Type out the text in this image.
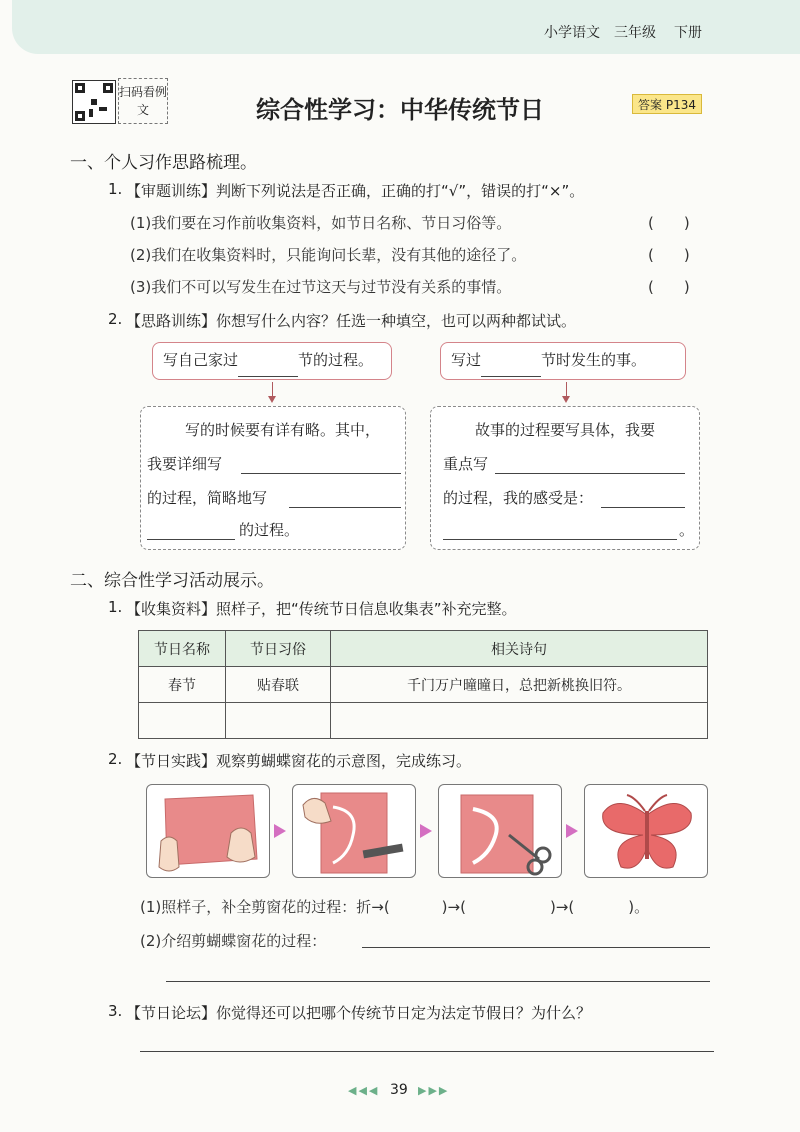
小学语文 三年级 下册
扫码看例文	综合性学习：中华传统节日	答案 P134
一、个人习作思路梳理。
1. 【审题训练】判断下列说法是否正确，正确的打“√”，错误的打“×”。
(1)我们要在习作前收集资料，如节日名称、节日习俗等。	(　　)
(2)我们在收集资料时，只能询问长辈，没有其他的途径了。	(　　)
(3)我们不可以写发生在过节这天与过节没有关系的事情。	(　　)
2. 【思路训练】你想写什么内容？任选一种填空，也可以两种都试试。
写自己家过	节的过程。	写过	节时发生的事。
写的时候要有详有略。其中，
我要详细写
的过程，简略地写
的过程。
故事的过程要写具体，我要
重点写
的过程，我的感受是：
。
二、综合性学习活动展示。
1. 【收集资料】照样子，把“传统节日信息收集表”补充完整。
节日名称	节日习俗	相关诗句
春节	贴春联	千门万户曈曈日，总把新桃换旧符。

2. 【节日实践】观察剪蝴蝶窗花的示意图，完成练习。
(1)照样子，补全剪窗花的过程：折→(	)→(	)→(	)。
(2)介绍剪蝴蝶窗花的过程：
3. 【节日论坛】你觉得还可以把哪个传统节日定为法定节假日？为什么？
◀◀◀ 39 ▶▶▶
